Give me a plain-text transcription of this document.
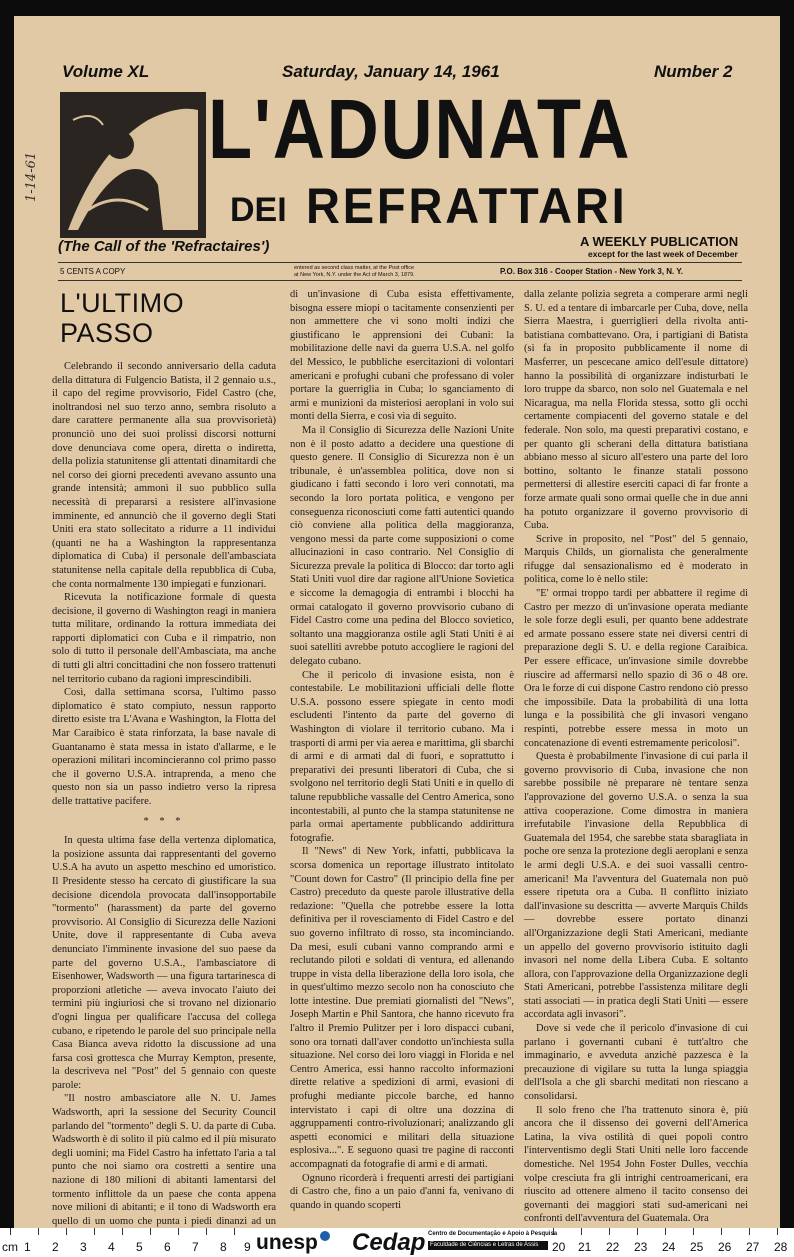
Volume XL	Saturday, January 14, 1961	Number 2
1-14-61
L'ADUNATA
DEI REFRATTARI
(The Call of the 'Refractaires')	A WEEKLY PUBLICATION
except for the last week of December
5 CENTS A COPY	entered as second class matter, at the Post office
at New York, N.Y. under the Act of March 3, 1879.	P.O. Box 316 - Cooper Station - New York 3, N. Y.
L'ULTIMO PASSO

Celebrando il secondo anniversario della caduta della dittatura di Fulgencio Batista, il 2 gennaio u.s., il capo del regime provvisorio, Fidel Castro (che, inoltrandosi nel suo terzo anno, sembra risoluto a dare carattere permanente alla sua provvisorietà) pronunciò uno dei suoi prolissi discorsi notturni dove denunciava come opera, diretta o indiretta, della polizia statunitense gli attentati dinamitardi che nel corso dei giorni precedenti avevano assunto una grande intensità; ammonì il suo pubblico sulla necessità di prepararsi a resistere all'invasione imminente, ed annunciò che il governo degli Stati Uniti era stato sollecitato a ridurre a 11 individui (quanti ne ha a Washington la rappresentanza diplomatica di Cuba) il personale dell'ambasciata statunitense nella capitale della repubblica di Cuba, che conta normalmente 130 impiegati e funzionari.

Ricevuta la notificazione formale di questa decisione, il governo di Washington reagì in maniera tutta militare, ordinando la rottura immediata dei rapporti diplomatici con Cuba e il rimpatrio, non solo di tutto il personale dell'Ambasciata, ma anche di tutti gli altri concittadini che non fossero trattenuti nel territorio cubano da ragioni imprescindibili.

Così, dalla settimana scorsa, l'ultimo passo diplomatico è stato compiuto, nessun rapporto diretto esiste tra L'Avana e Washington, la Flotta del Mar Caraibico è stata rinforzata, la base navale di Guantanamo è stata messa in istato d'allarme, e le operazioni militari incomincieranno col primo passo che il governo U.S.A. intraprenda, a meno che questo non sia un passo indietro verso la ripresa delle trattative pacifere.

* * *

In questa ultima fase della vertenza diplomatica, la posizione assunta dai rappresentanti del governo U.S.A ha avuto un aspetto meschino ed umoristico. Il Presidente stesso ha cercato di giustificare la sua decisione dicendola provocata dall'insopportabile "tormento" (harassment) da parte del governo provvisorio. Al Consiglio di Sicurezza delle Nazioni Unite, dove il rappresentante di Cuba aveva denunciato l'imminente invasione del suo paese da parte del governo U.S.A., l'ambasciatore di Eisenhower, Wadsworth — una figura tartarinesca di proporzioni atletiche — aveva invocato l'aiuto dei termini più ingiuriosi che si trovano nel dizionario d'ogni lingua per qualificare l'accusa del collega cubano, e ripetendo le parole del suo principale nella Casa Bianca aveva ridotto la discussione ad una farsa così grottesca che Murray Kempton, presente, la descriveva nel "Post" del 5 gennaio con queste parole:

"Il nostro ambasciatore alle N. U. James Wadsworth, aprì la sessione del Security Council parlando del "tormento" degli S. U. da parte di Cuba. Wadsworth è di solito il più calmo ed il più misurato degli uomini; ma Fidel Castro ha infettato l'aria a tal punto che noi siamo ora costretti a sentire una nazione di 180 milioni di abitanti lamentarsi del tormento inflittole da un paese che conta appena nove milioni di abitanti; e il tono di Wadsworth era quello di un uomo che punta i piedi dinanzi ad un

di un'invasione di Cuba esista effettivamente, bisogna essere miopi o tacitamente consenzienti per non ammettere che vi sono molti indizi che giustificano le apprensioni dei Cubani: la mobilitazione delle navi da guerra U.S.A. nel golfo del Messico, le pubbliche esercitazioni di volontari americani e profughi cubani che professano di voler portare la guerriglia in Cuba; lo sganciamento di armi e munizioni da misteriosi aeroplani in volo sui monti della Sierra, e così via di seguito.

Ma il Consiglio di Sicurezza delle Nazioni Unite non è il posto adatto a decidere una questione di questo genere. Il Consiglio di Sicurezza non è un tribunale, è un'assemblea politica, dove non si giudicano i fatti secondo i loro veri connotati, ma secondo la loro portata politica, e vengono per conseguenza riconosciuti come fatti autentici quando ciò conviene alla politica della maggioranza, vengono messi da parte come supposizioni o come allucinazioni in caso contrario. Nel Consiglio di Sicurezza prevale la politica di Blocco: dar torto agli Stati Uniti vuol dire dar ragione all'Unione Sovietica e siccome la demagogia di entrambi i blocchi ha ormai catalogato il governo provvisorio cubano di Fidel Castro come una pedina del Blocco sovietico, soltanto una maggioranza ostile agli Stati Uniti è ai suoi satelliti avrebbe potuto accogliere le ragioni del delegato cubano.

Che il pericolo di invasione esista, non è contestabile. Le mobilitazioni ufficiali delle flotte U.S.A. possono essere spiegate in cento modi escludenti l'intento da parte del governo di Washington di violare il territorio cubano. Ma i trasporti di armi per via aerea e marittima, gli sbarchi di armi e di armati dal di fuori, e soprattutto i preparativi dei presunti liberatori di Cuba, che si svolgono nel territorio degli Stati Uniti e in quello di talune repubbliche vassalle del Centro America, sono incontestabili, al punto che la stampa statunitense ne parla ormai apertamente pubblicando addirittura fotografie.

Il "News" di New York, infatti, pubblicava la scorsa domenica un reportage illustrato intitolato "Count down for Castro" (Il principio della fine per Castro) preceduto da queste parole illustrative della redazione: "Quella che potrebbe essere la lotta definitiva per il rovesciamento di Fidel Castro e del suo governo infiltrato di rosso, sta incominciando. Da mesi, esuli cubani vanno comprando armi e reclutando piloti e soldati di ventura, ed allenando truppe in vista della liberazione della loro isola, che in quest'ultimo mezzo secolo non ha conosciuto che lotte intestine. Due premiati giornalisti del "News", Joseph Martin e Phil Santora, che hanno ricevuto fra l'altro il Premio Pulitzer per i loro dispacci cubani, sono ora tornati dall'aver condotto un'inchiesta sulla situazione. Nel corso dei loro viaggi in Florida e nel Centro America, essi hanno raccolto informazioni dirette relative a spedizioni di armi, evasioni di profughi mediante piccole barche, ed hanno intervistato i capi di oltre una dozzina di aggruppamenti contro-rivoluzionari; analizzando gli aspetti economici e militari della situazione esplosiva...". E seguono quasi tre pagine di racconti accompagnati da fotografie di armi e di armati.

Ognuno ricorderà i frequenti arresti dei partigiani di Castro che, fino a un paio d'anni fa, venivano di quando in quando scoperti

dalla zelante polizia segreta a comperare armi negli S. U. ed a tentare di imbarcarle per Cuba, dove, nella Sierra Maestra, i guerriglieri della rivolta anti-batistiana combattevano. Ora, i partigiani di Batista (si fa in proposito pubblicamente il nome di Masferrer, un pescecane amico dell'esule dittatore) hanno la possibilità di organizzare indisturbati le loro truppe da sbarco, non solo nel Guatemala e nel Nicaragua, ma nella Florida stessa, sotto gli occhi certamente compiacenti del governo statale e del federale. Non solo, ma questi preparativi costano, e per quanto gli scherani della dittatura batistiana abbiano messo al sicuro all'estero una parte del loro bottino, soltanto le finanze statali possono permettersi di allestire eserciti capaci di far fronte a forze armate quali sono ormai quelle che in due anni ha potuto organizzare il governo provvisorio di Cuba.

Scrive in proposito, nel "Post" del 5 gennaio, Marquis Childs, un giornalista che generalmente rifugge dal sensazionalismo ed è moderato in politica, come lo è nello stile:

"E' ormai troppo tardi per abbattere il regime di Castro per mezzo di un'invasione operata mediante le sole forze degli esuli, per quanto bene addestrate ed armate possano essere state nei diversi centri di preparazione degli S. U. e della regione Caraibica. Per essere efficace, un'invasione simile dovrebbe riuscire ad affermarsi nello spazio di 36 o 48 ore. Ora le forze di cui dispone Castro rendono ciò presso che impossibile. Data la probabilità di una lotta lunga e la possibilità che gli invasori vengano respinti, potrebbe essere messa in moto un concatenazione di eventi estremamente pericolosi".

Questa è probabilmente l'invasione di cui parla il governo provvisorio di Cuba, invasione che non sarebbe possibile nè preparare nè tentare senza l'approvazione del governo U.S.A. o senza la sua attiva cooperazione. Come dimostra in maniera irrefutabile l'invasione della Repubblica di Guatemala del 1954, che sarebbe stata sbaragliata in poche ore senza la protezione degli aeroplani e senza le armi degli U.S.A. e dei suoi vassalli centro-americani! Ma l'avventura del Guatemala non può essere ripetuta ora a Cuba. Il conflitto iniziato dall'invasione su descritta — avverte Marquis Childs — dovrebbe essere portato dinanzi all'Organizzazione degli Stati Americani, mediante un appello del governo provvisorio istituito dagli invasori nel nome della Libera Cuba. E soltanto allora, con l'approvazione della Organizzazione degli Stati Americani, potrebbe l'assistenza militare degli stati associati — in pratica degli Stati Uniti — essere accordata agli invasori".

Dove si vede che il pericolo d'invasione di cui parlano i governanti cubani è tutt'altro che immaginario, e avveduta anzichè pazzesca è la precauzione di vigilare su tutta la lunga spiaggia dell'Isola a che gli sbarchi meditati non riescano a consolidarsi.

Il solo freno che l'ha trattenuto sinora è, più ancora che il dissenso dei governi dell'America Latina, la viva ostilità di quei popoli contro l'interventismo degli Stati Uniti nelle loro faccende domestiche. Nel 1954 John Foster Dulles, vecchia volpe cresciuta fra gli intrighi centroamericani, era riuscito ad ottenere almeno il tacito consenso dei governanti dei maggiori stati sud-americani nei confronti dell'avventura del Guatemala. Ora

cm 1 2 3 4 5 6 7 8 9 unesp Cedap Centro de Documentação e Apoio à Pesquisa
Faculdade de Ciências e Letras de Assis 20 21 22 23 24 25 26 27 28
